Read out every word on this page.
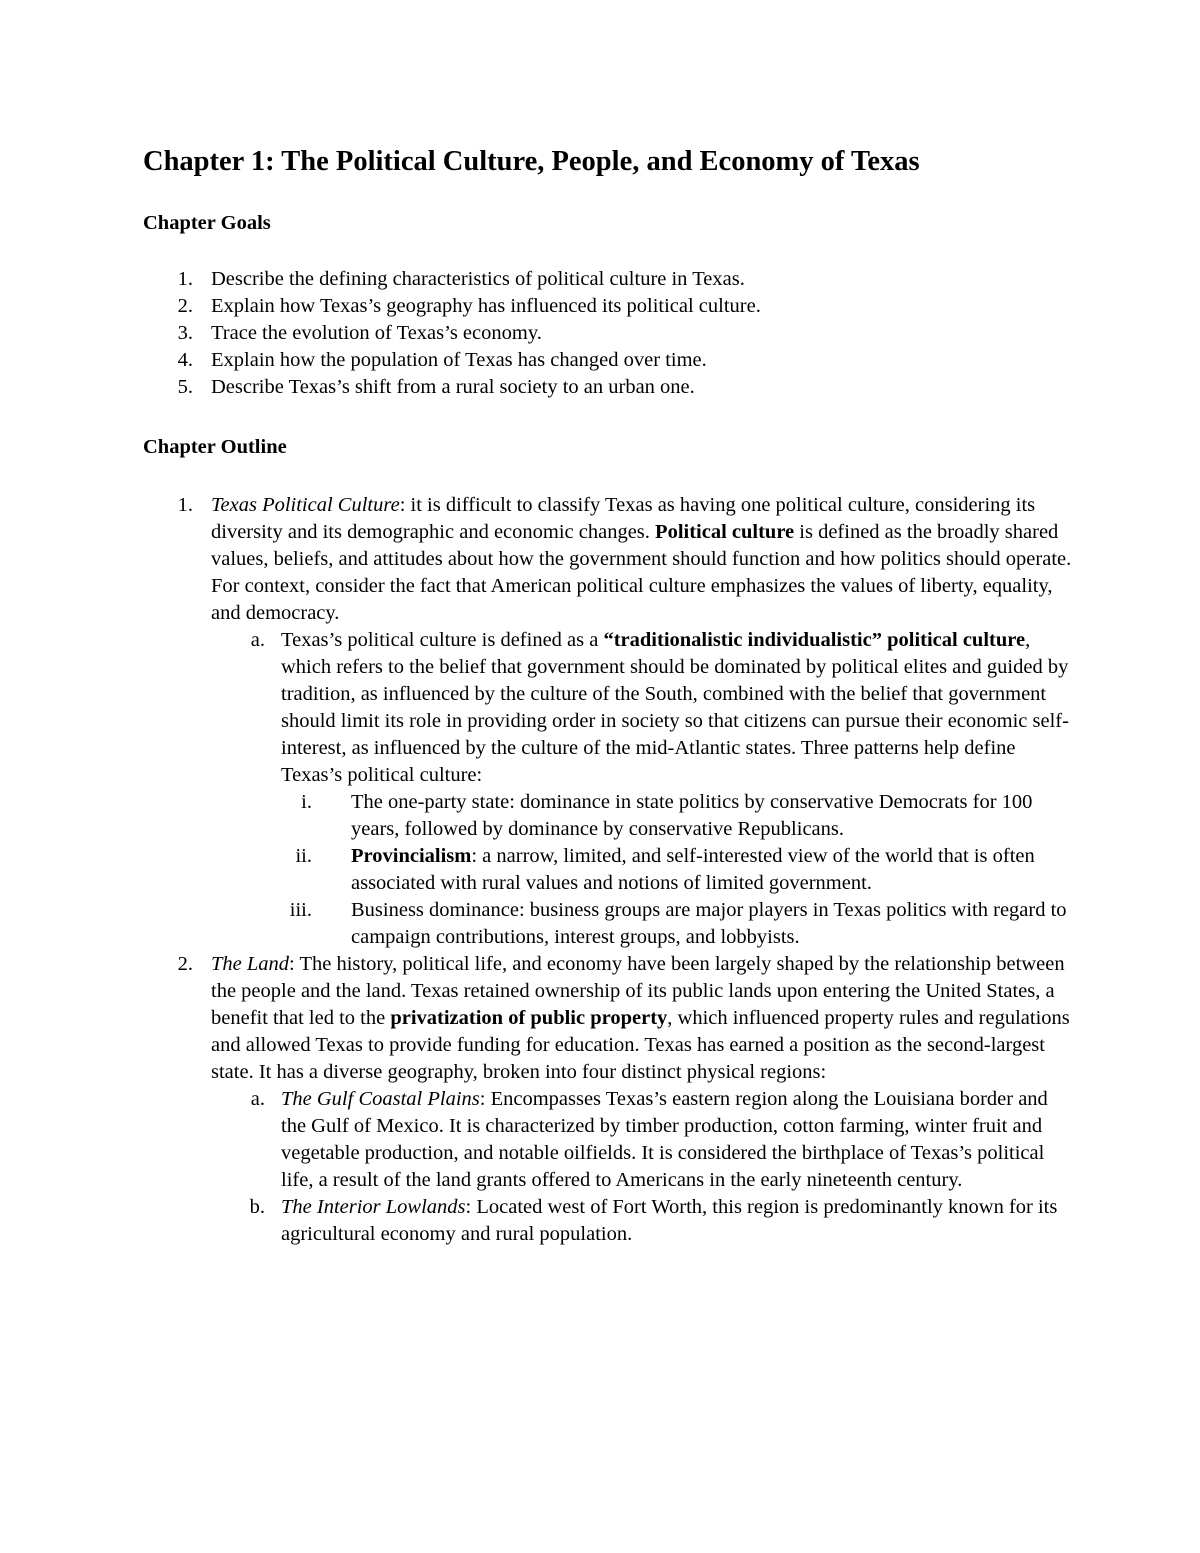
Chapter 1: The Political Culture, People, and Economy of Texas
Chapter Goals
1. Describe the defining characteristics of political culture in Texas.
2. Explain how Texas’s geography has influenced its political culture.
3. Trace the evolution of Texas’s economy.
4. Explain how the population of Texas has changed over time.
5. Describe Texas’s shift from a rural society to an urban one.
Chapter Outline
1. Texas Political Culture: it is difficult to classify Texas as having one political culture, considering its diversity and its demographic and economic changes. Political culture is defined as the broadly shared values, beliefs, and attitudes about how the government should function and how politics should operate. For context, consider the fact that American political culture emphasizes the values of liberty, equality, and democracy.
a. Texas’s political culture is defined as a “traditionalistic individualistic” political culture, which refers to the belief that government should be dominated by political elites and guided by tradition, as influenced by the culture of the South, combined with the belief that government should limit its role in providing order in society so that citizens can pursue their economic self-interest, as influenced by the culture of the mid-Atlantic states. Three patterns help define Texas’s political culture:
i. The one-party state: dominance in state politics by conservative Democrats for 100 years, followed by dominance by conservative Republicans.
ii. Provincialism: a narrow, limited, and self-interested view of the world that is often associated with rural values and notions of limited government.
iii. Business dominance: business groups are major players in Texas politics with regard to campaign contributions, interest groups, and lobbyists.
2. The Land: The history, political life, and economy have been largely shaped by the relationship between the people and the land. Texas retained ownership of its public lands upon entering the United States, a benefit that led to the privatization of public property, which influenced property rules and regulations and allowed Texas to provide funding for education. Texas has earned a position as the second-largest state. It has a diverse geography, broken into four distinct physical regions:
a. The Gulf Coastal Plains: Encompasses Texas’s eastern region along the Louisiana border and the Gulf of Mexico. It is characterized by timber production, cotton farming, winter fruit and vegetable production, and notable oilfields. It is considered the birthplace of Texas’s political life, a result of the land grants offered to Americans in the early nineteenth century.
b. The Interior Lowlands: Located west of Fort Worth, this region is predominantly known for its agricultural economy and rural population.
